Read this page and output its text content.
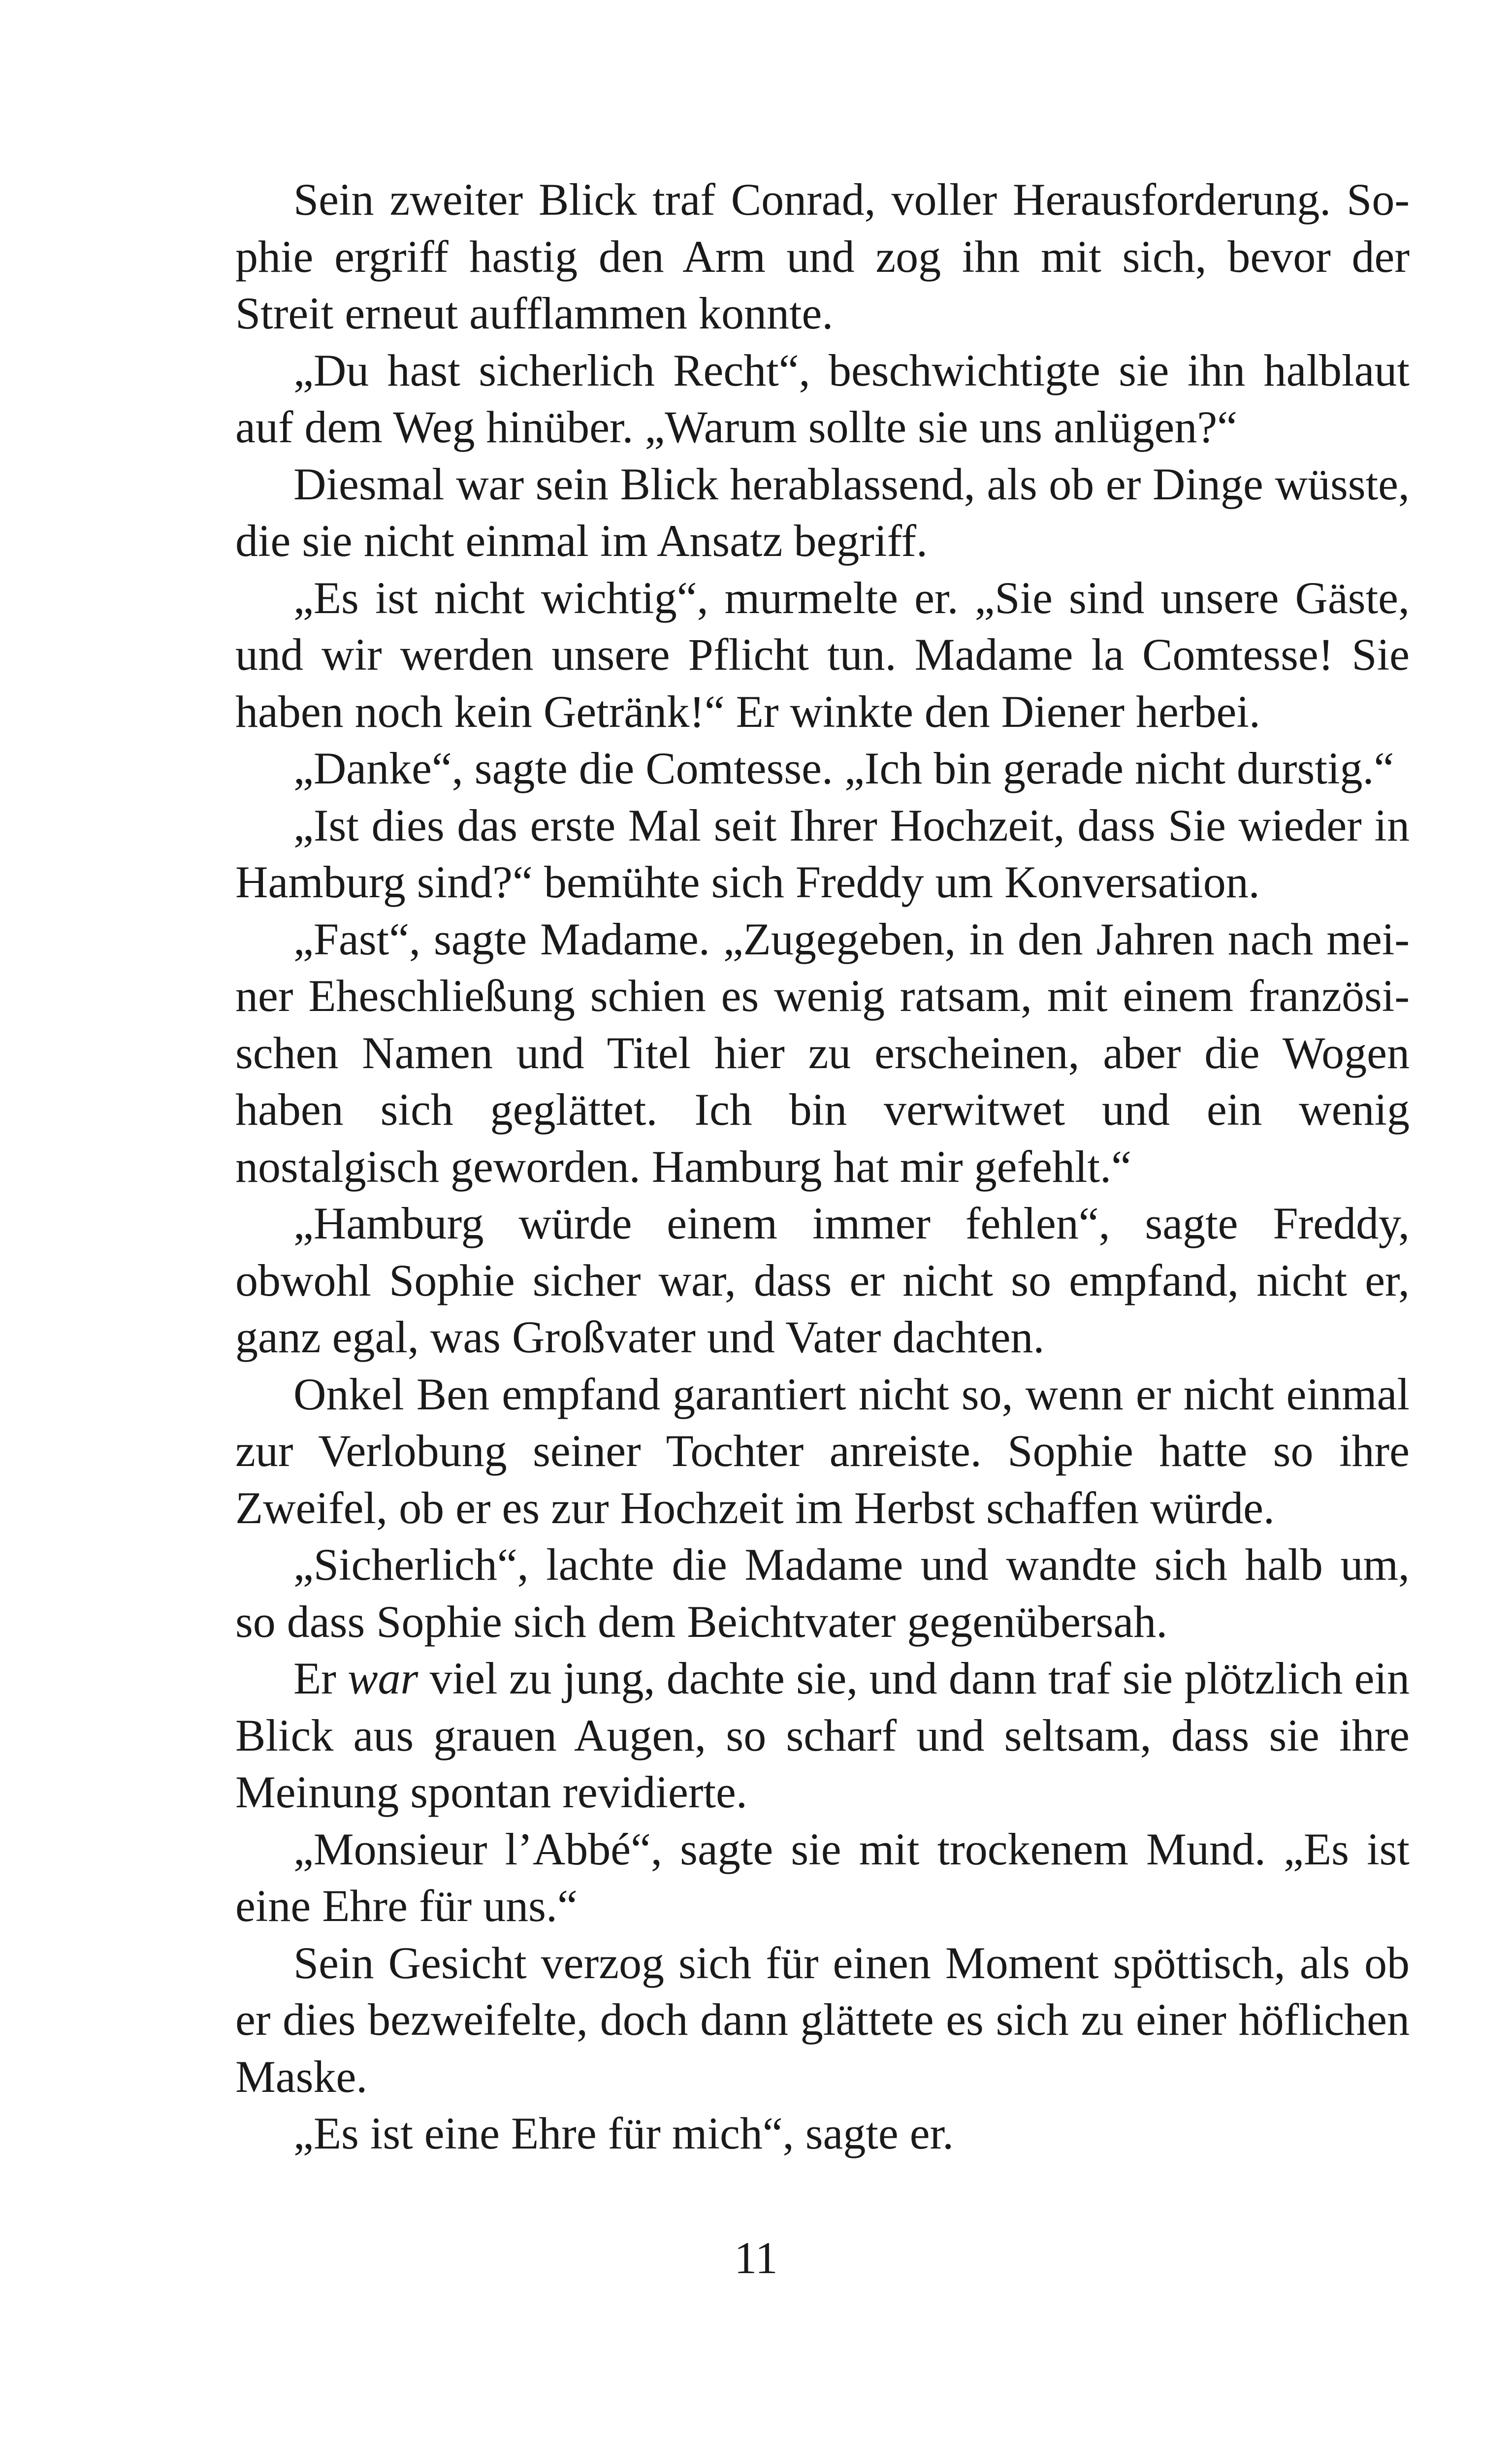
Sein zweiter Blick traf Conrad, voller Herausforderung. Sophie ergriff hastig den Arm und zog ihn mit sich, bevor der Streit erneut aufflammen konnte.

„Du hast sicherlich Recht“, beschwichtigte sie ihn halblaut auf dem Weg hinüber. „Warum sollte sie uns anlügen?“

Diesmal war sein Blick herablassend, als ob er Dinge wüsste, die sie nicht einmal im Ansatz begriff.

„Es ist nicht wichtig“, murmelte er. „Sie sind unsere Gäste, und wir werden unsere Pflicht tun. Madame la Comtesse! Sie haben noch kein Getränk!“ Er winkte den Diener herbei.

„Danke“, sagte die Comtesse. „Ich bin gerade nicht durstig.“

„Ist dies das erste Mal seit Ihrer Hochzeit, dass Sie wieder in Hamburg sind?“ bemühte sich Freddy um Konversation.

„Fast“, sagte Madame. „Zugegeben, in den Jahren nach meiner Eheschließung schien es wenig ratsam, mit einem französischen Namen und Titel hier zu erscheinen, aber die Wogen haben sich geglättet. Ich bin verwitwet und ein wenig nostalgisch geworden. Hamburg hat mir gefehlt.“

„Hamburg würde einem immer fehlen“, sagte Freddy, obwohl Sophie sicher war, dass er nicht so empfand, nicht er, ganz egal, was Großvater und Vater dachten.

Onkel Ben empfand garantiert nicht so, wenn er nicht einmal zur Verlobung seiner Tochter anreiste. Sophie hatte so ihre Zweifel, ob er es zur Hochzeit im Herbst schaffen würde.

„Sicherlich“, lachte die Madame und wandte sich halb um, so dass Sophie sich dem Beichtvater gegenübersah.

Er war viel zu jung, dachte sie, und dann traf sie plötzlich ein Blick aus grauen Augen, so scharf und seltsam, dass sie ihre Meinung spontan revidierte.

„Monsieur l’Abbé“, sagte sie mit trockenem Mund. „Es ist eine Ehre für uns.“

Sein Gesicht verzog sich für einen Moment spöttisch, als ob er dies bezweifelte, doch dann glättete es sich zu einer höflichen Maske.

„Es ist eine Ehre für mich“, sagte er.

11
